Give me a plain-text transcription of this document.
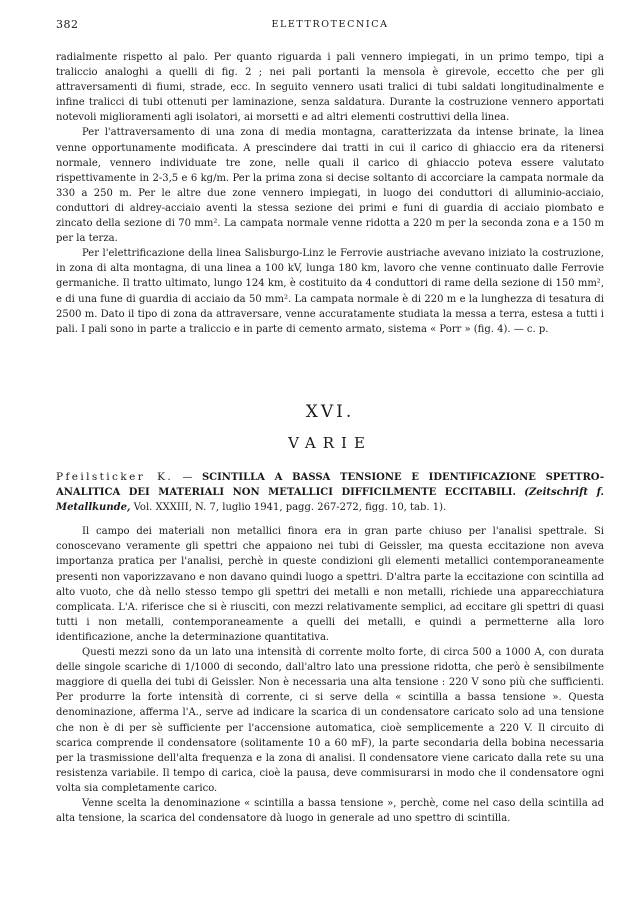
382	ELETTROTECNICA

radialmente rispetto al palo. Per quanto riguarda i pali vennero impiegati, in un primo tempo, tipi a traliccio analoghi a quelli di fig. 2 ; nei pali portanti la mensola è girevole, eccetto che per gli attraversamenti di fiumi, strade, ecc. In seguito vennero usati tralici di tubi saldati longitudinalmente e infine tralicci di tubi ottenuti per laminazione, senza saldatura. Durante la costruzione vennero apportati notevoli miglioramenti agli isolatori, ai morsetti e ad altri elementi costruttivi della linea.

Per l'attraversamento di una zona di media montagna, caratterizzata da intense brinate, la linea venne opportunamente modificata. A prescindere dai tratti in cui il carico di ghiaccio era da ritenersi normale, vennero individuate tre zone, nelle quali il carico di ghiaccio poteva essere valutato rispettivamente in 2-3,5 e 6 kg/m. Per la prima zona si decise soltanto di accorciare la campata normale da 330 a 250 m. Per le altre due zone vennero impiegati, in luogo dei conduttori di alluminio-acciaio, conduttori di aldrey-acciaio aventi la stessa sezione dei primi e funi di guardia di acciaio piombato e zincato della sezione di 70 mm². La campata normale venne ridotta a 220 m per la seconda zona e a 150 m per la terza.

Per l'elettrificazione della linea Salisburgo-Linz le Ferrovie austriache avevano iniziato la costruzione, in zona di alta montagna, di una linea a 100 kV, lunga 180 km, lavoro che venne continuato dalle Ferrovie germaniche. Il tratto ultimato, lungo 124 km, è costituito da 4 conduttori di rame della sezione di 150 mm², e di una fune di guardia di acciaio da 50 mm². La campata normale è di 220 m e la lunghezza di tesatura di 2500 m. Dato il tipo di zona da attraversare, venne accuratamente studiata la messa a terra, estesa a tutti i pali. I pali sono in parte a traliccio e in parte di cemento armato, sistema « Porr » (fig. 4). — c. p.

XVI.
VARIE

Pfeilsticker K. — SCINTILLA A BASSA TENSIONE E IDENTIFICAZIONE SPETTRO-ANALITICA DEI MATERIALI NON METALLICI DIFFICILMENTE ECCITABILI. (Zeitschrift f. Metallkunde, Vol. XXXIII, N. 7, luglio 1941, pagg. 267-272, figg. 10, tab. 1).

Il campo dei materiali non metallici finora era in gran parte chiuso per l'analisi spettrale. Si conoscevano veramente gli spettri che appaiono nei tubi di Geissler, ma questa eccitazione non aveva importanza pratica per l'analisi, perchè in queste condizioni gli elementi metallici contemporaneamente presenti non vaporizzavano e non davano quindi luogo a spettri. D'altra parte la eccitazione con scintilla ad alto vuoto, che dà nello stesso tempo gli spettri dei metalli e non metalli, richiede una apparecchiatura complicata. L'A. riferisce che si è riusciti, con mezzi relativamente semplici, ad eccitare gli spettri di quasi tutti i non metalli, contemporaneamente a quelli dei metalli, e quindi a permetterne alla loro identificazione, anche la determinazione quantitativa.

Questi mezzi sono da un lato una intensità di corrente molto forte, di circa 500 a 1000 A, con durata delle singole scariche di 1/1000 di secondo, dall'altro lato una pressione ridotta, che però è sensibilmente maggiore di quella dei tubi di Geissler. Non è necessaria una alta tensione : 220 V sono più che sufficienti. Per produrre la forte intensità di corrente, ci si serve della « scintilla a bassa tensione ». Questa denominazione, afferma l'A., serve ad indicare la scarica di un condensatore caricato solo ad una tensione che non è di per sè sufficiente per l'accensione automatica, cioè semplicemente a 220 V. Il circuito di scarica comprende il condensatore (solitamente 10 a 60 mF), la parte secondaria della bobina necessaria per la trasmissione dell'alta frequenza e la zona di analisi. Il condensatore viene caricato dalla rete su una resistenza variabile. Il tempo di carica, cioè la pausa, deve commisurarsi in modo che il condensatore ogni volta sia completamente carico.

Venne scelta la denominazione « scintilla a bassa tensione », perchè, come nel caso della scintilla ad alta tensione, la scarica del condensatore dà luogo in generale ad uno spettro di scintilla.
